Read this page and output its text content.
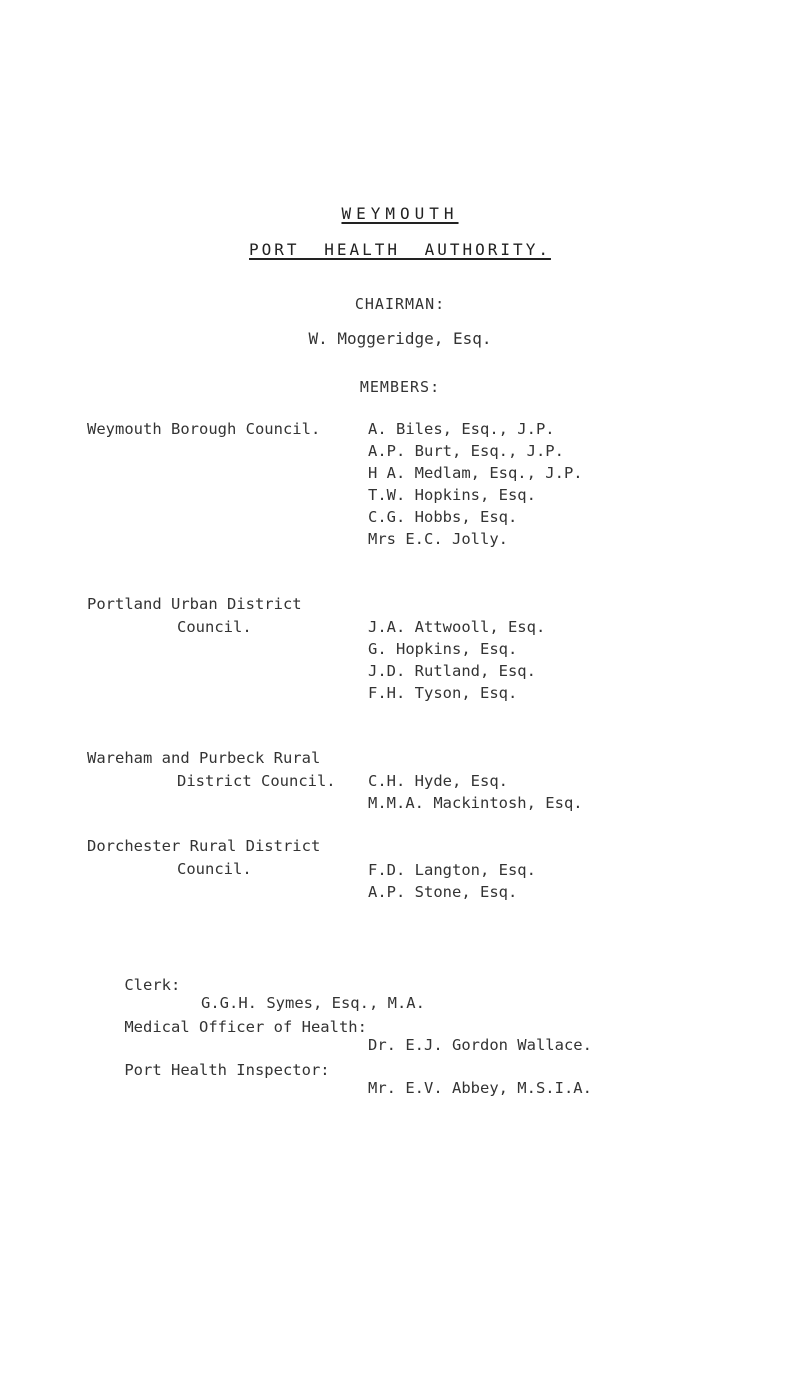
WEYMOUTH
PORT HEALTH AUTHORITY.
CHAIRMAN:
W. Moggeridge, Esq.
MEMBERS:
Weymouth Borough Council.	A. Biles, Esq., J.P.
A.P. Burt, Esq., J.P.
H A. Medlam, Esq., J.P.
T.W. Hopkins, Esq.
C.G. Hobbs, Esq.
Mrs E.C. Jolly.
Portland Urban District
Council.	J.A. Attwooll, Esq.
G. Hopkins, Esq.
J.D. Rutland, Esq.
F.H. Tyson, Esq.
Wareham and Purbeck Rural
District Council. C.H. Hyde, Esq.
M.M.A. Mackintosh, Esq.
Dorchester Rural District
Council.	F.D. Langton, Esq.
A.P. Stone, Esq.

Clerk:

G.G.H. Symes, Esq., M.A.

Medical Officer of Health:

Dr. E.J. Gordon Wallace.

Port Health Inspector:

Mr. E.V. Abbey, M.S.I.A.
